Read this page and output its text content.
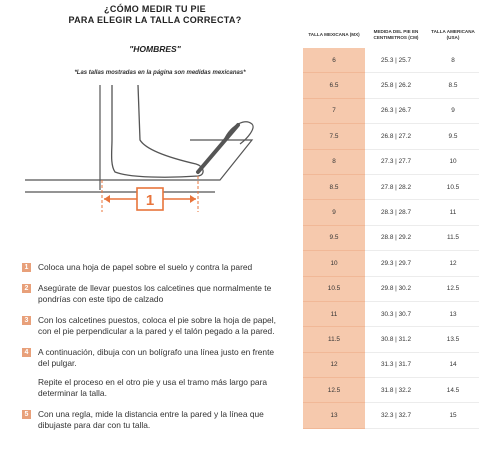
¿CÓMO MEDIR TU PIE
PARA ELEGIR LA TALLA CORRECTA?
"HOMBRES"
*Las tallas mostradas en la página son medidas mexicanas*
1
1	Coloca una hoja de papel sobre el suelo y contra la pared
2	Asegúrate de llevar puestos los calcetines que normalmente te pondrías con este tipo de calzado
3	Con los calcetines puestos, coloca el pie sobre la hoja de papel, con el pie perpendicular a la pared y el talón pegado a la pared.
4	A continuación, dibuja con un bolígrafo una línea justo en frente del pulgar.
Repite el proceso en el otro pie y usa el tramo más largo para determinar la talla.
5	Con una regla, mide la distancia entre la pared y la línea que dibujaste para dar con tu talla.
TALLA MEXICANA (MX)
MEDIDA DEL PIE EN CENTIMETROS (CM)
TALLA AMERICANA (USA)
6	25.3 | 25.7	8
6.5	25.8 | 26.2	8.5
7	26.3 | 26.7	9
7.5	26.8 | 27.2	9.5
8	27.3 | 27.7	10
8.5	27.8 | 28.2	10.5
9	28.3 | 28.7	11
9.5	28.8 | 29.2	11.5
10	29.3 | 29.7	12
10.5	29.8 | 30.2	12.5
11	30.3 | 30.7	13
11.5	30.8 | 31.2	13.5
12	31.3 | 31.7	14
12.5	31.8 | 32.2	14.5
13	32.3 | 32.7	15
